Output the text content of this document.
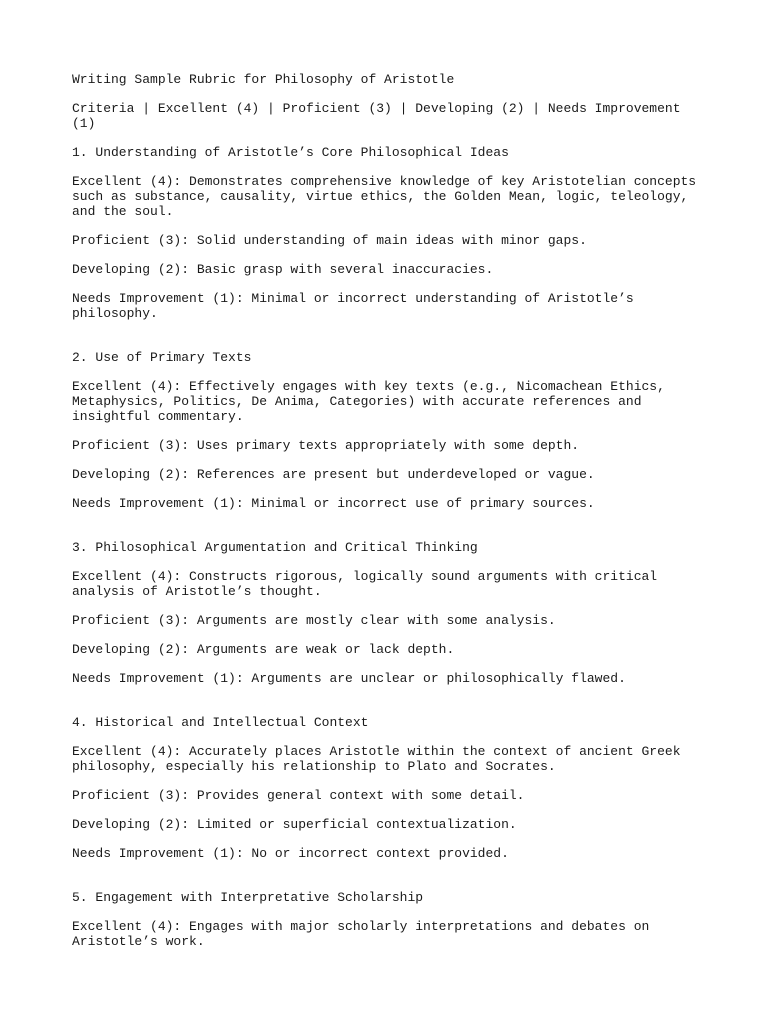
Writing Sample Rubric for Philosophy of Aristotle

Criteria | Excellent (4) | Proficient (3) | Developing (2) | Needs Improvement (1)

1. Understanding of Aristotle’s Core Philosophical Ideas

Excellent (4): Demonstrates comprehensive knowledge of key Aristotelian concepts such as substance, causality, virtue ethics, the Golden Mean, logic, teleology, and the soul.

Proficient (3): Solid understanding of main ideas with minor gaps.

Developing (2): Basic grasp with several inaccuracies.

Needs Improvement (1): Minimal or incorrect understanding of Aristotle’s philosophy.

2. Use of Primary Texts

Excellent (4): Effectively engages with key texts (e.g., Nicomachean Ethics, Metaphysics, Politics, De Anima, Categories) with accurate references and insightful commentary.

Proficient (3): Uses primary texts appropriately with some depth.

Developing (2): References are present but underdeveloped or vague.

Needs Improvement (1): Minimal or incorrect use of primary sources.

3. Philosophical Argumentation and Critical Thinking

Excellent (4): Constructs rigorous, logically sound arguments with critical analysis of Aristotle’s thought.

Proficient (3): Arguments are mostly clear with some analysis.

Developing (2): Arguments are weak or lack depth.

Needs Improvement (1): Arguments are unclear or philosophically flawed.

4. Historical and Intellectual Context

Excellent (4): Accurately places Aristotle within the context of ancient Greek philosophy, especially his relationship to Plato and Socrates.

Proficient (3): Provides general context with some detail.

Developing (2): Limited or superficial contextualization.

Needs Improvement (1): No or incorrect context provided.

5. Engagement with Interpretative Scholarship

Excellent (4): Engages with major scholarly interpretations and debates on Aristotle’s work.
